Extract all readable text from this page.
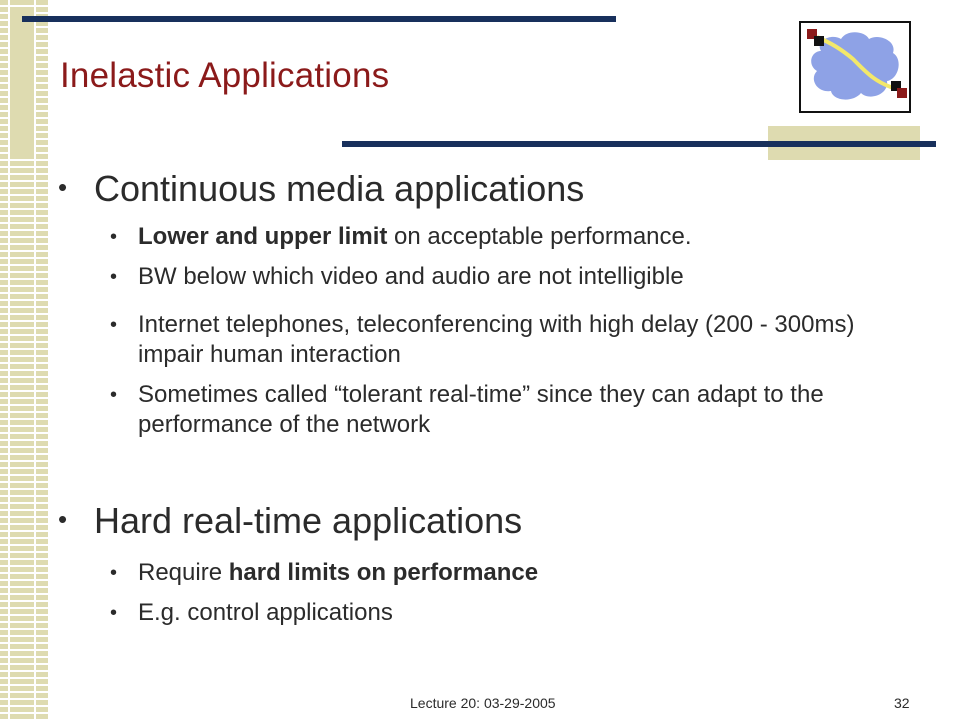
Inelastic Applications
• Continuous media applications
• Lower and upper limit on acceptable performance.
• BW below which video and audio are not intelligible
• Internet telephones, teleconferencing with high delay (200 - 300ms) impair human interaction
• Sometimes called “tolerant real-time” since they can adapt to the performance of the network
• Hard real-time applications
• Require hard limits on performance
• E.g. control applications
Lecture 20: 03-29-2005	32
